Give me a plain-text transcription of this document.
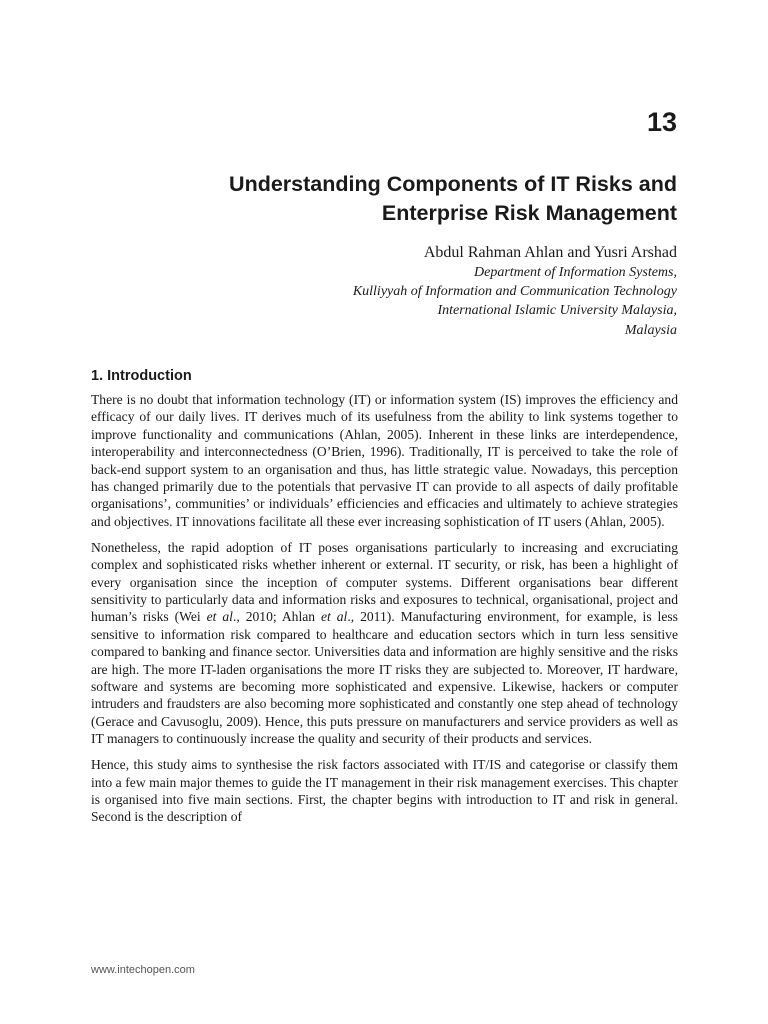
13
Understanding Components of IT Risks and
Enterprise Risk Management
Abdul Rahman Ahlan and Yusri Arshad
Department of Information Systems,
Kulliyyah of Information and Communication Technology
International Islamic University Malaysia,
Malaysia
1. Introduction

There is no doubt that information technology (IT) or information system (IS) improves the efficiency and efficacy of our daily lives. IT derives much of its usefulness from the ability to link systems together to improve functionality and communications (Ahlan, 2005). Inherent in these links are interdependence, interoperability and interconnectedness (O’Brien, 1996). Traditionally, IT is perceived to take the role of back-end support system to an organisation and thus, has little strategic value. Nowadays, this perception has changed primarily due to the potentials that pervasive IT can provide to all aspects of daily profitable organisations’, communities’ or individuals’ efficiencies and efficacies and ultimately to achieve strategies and objectives. IT innovations facilitate all these ever increasing sophistication of IT users (Ahlan, 2005).

Nonetheless, the rapid adoption of IT poses organisations particularly to increasing and excruciating complex and sophisticated risks whether inherent or external. IT security, or risk, has been a highlight of every organisation since the inception of computer systems. Different organisations bear different sensitivity to particularly data and information risks and exposures to technical, organisational, project and human’s risks (Wei et al., 2010; Ahlan et al., 2011). Manufacturing environment, for example, is less sensitive to information risk compared to healthcare and education sectors which in turn less sensitive compared to banking and finance sector. Universities data and information are highly sensitive and the risks are high. The more IT-laden organisations the more IT risks they are subjected to. Moreover, IT hardware, software and systems are becoming more sophisticated and expensive. Likewise, hackers or computer intruders and fraudsters are also becoming more sophisticated and constantly one step ahead of technology (Gerace and Cavusoglu, 2009). Hence, this puts pressure on manufacturers and service providers as well as IT managers to continuously increase the quality and security of their products and services.

Hence, this study aims to synthesise the risk factors associated with IT/IS and categorise or classify them into a few main major themes to guide the IT management in their risk management exercises. This chapter is organised into five main sections. First, the chapter begins with introduction to IT and risk in general. Second is the description of

www.intechopen.com
